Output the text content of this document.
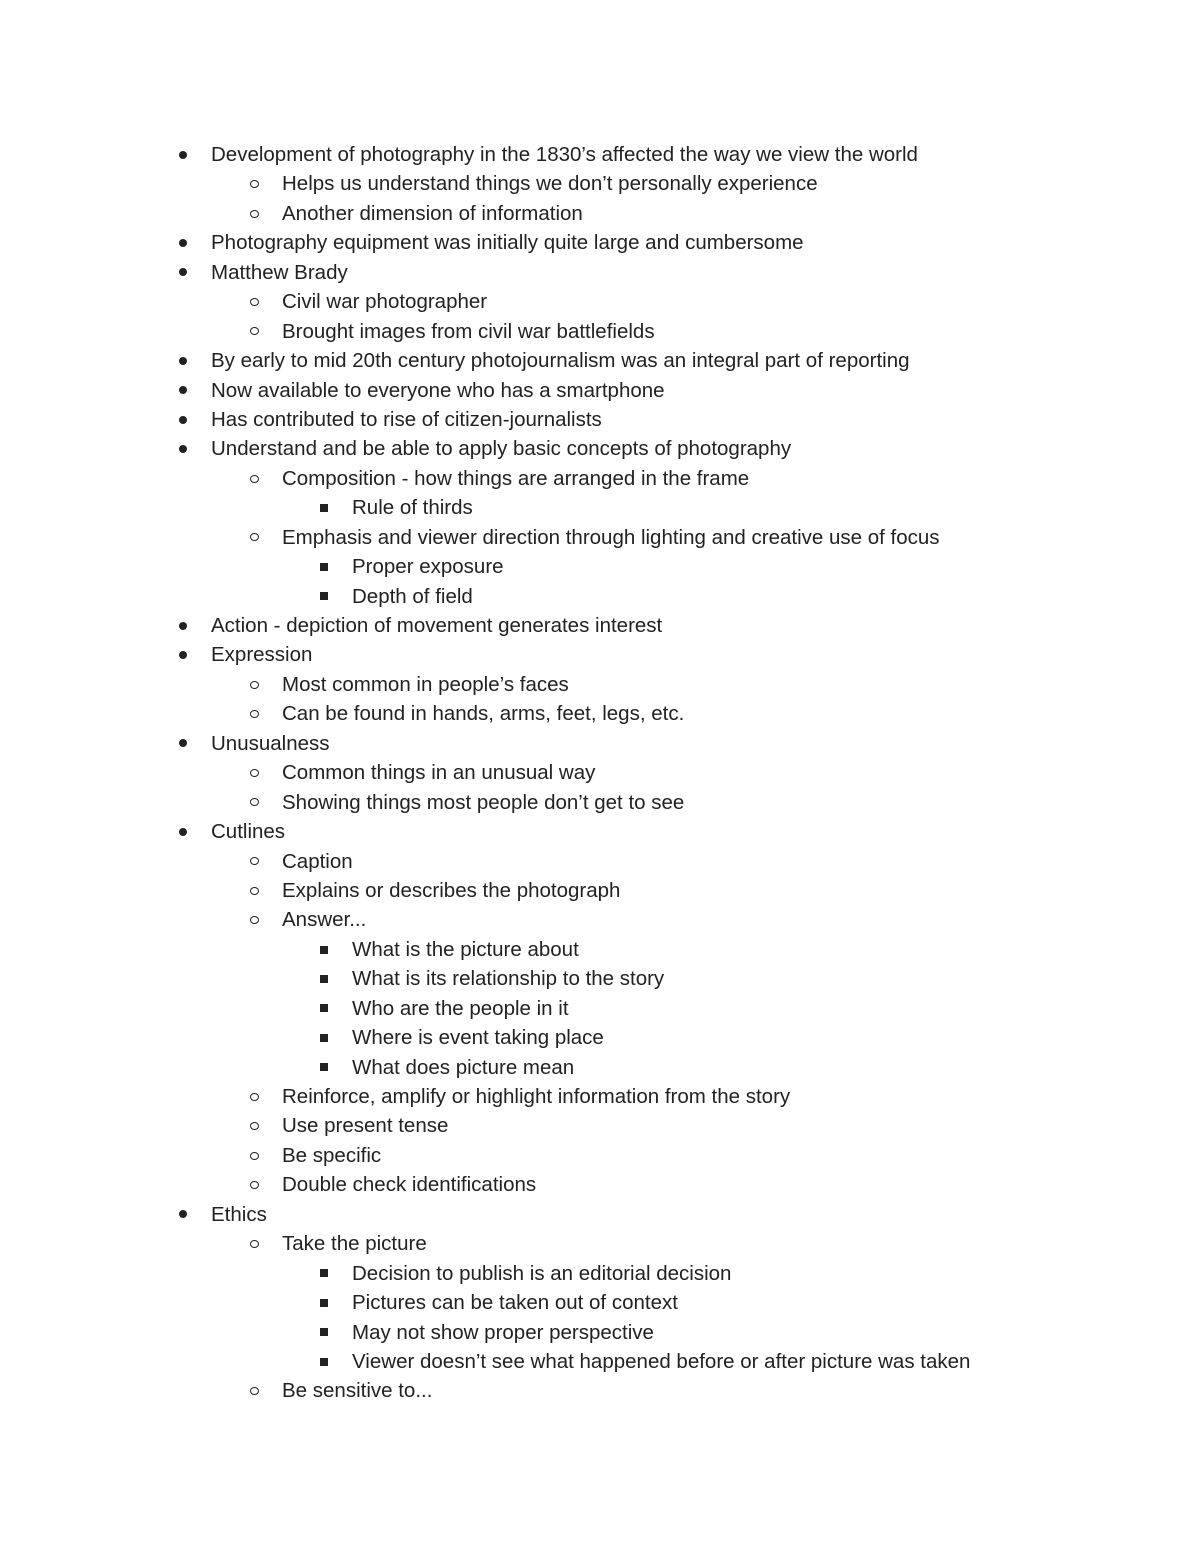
Development of photography in the 1830’s affected the way we view the world
Helps us understand things we don’t personally experience
Another dimension of information
Photography equipment was initially quite large and cumbersome
Matthew Brady
Civil war photographer
Brought images from civil war battlefields
By early to mid 20th century photojournalism was an integral part of reporting
Now available to everyone who has a smartphone
Has contributed to rise of citizen-journalists
Understand and be able to apply basic concepts of photography
Composition - how things are arranged in the frame
Rule of thirds
Emphasis and viewer direction through lighting and creative use of focus
Proper exposure
Depth of field
Action - depiction of movement generates interest
Expression
Most common in people’s faces
Can be found in hands, arms, feet, legs, etc.
Unusualness
Common things in an unusual way
Showing things most people don’t get to see
Cutlines
Caption
Explains or describes the photograph
Answer...
What is the picture about
What is its relationship to the story
Who are the people in it
Where is event taking place
What does picture mean
Reinforce, amplify or highlight information from the story
Use present tense
Be specific
Double check identifications
Ethics
Take the picture
Decision to publish is an editorial decision
Pictures can be taken out of context
May not show proper perspective
Viewer doesn’t see what happened before or after picture was taken
Be sensitive to...
